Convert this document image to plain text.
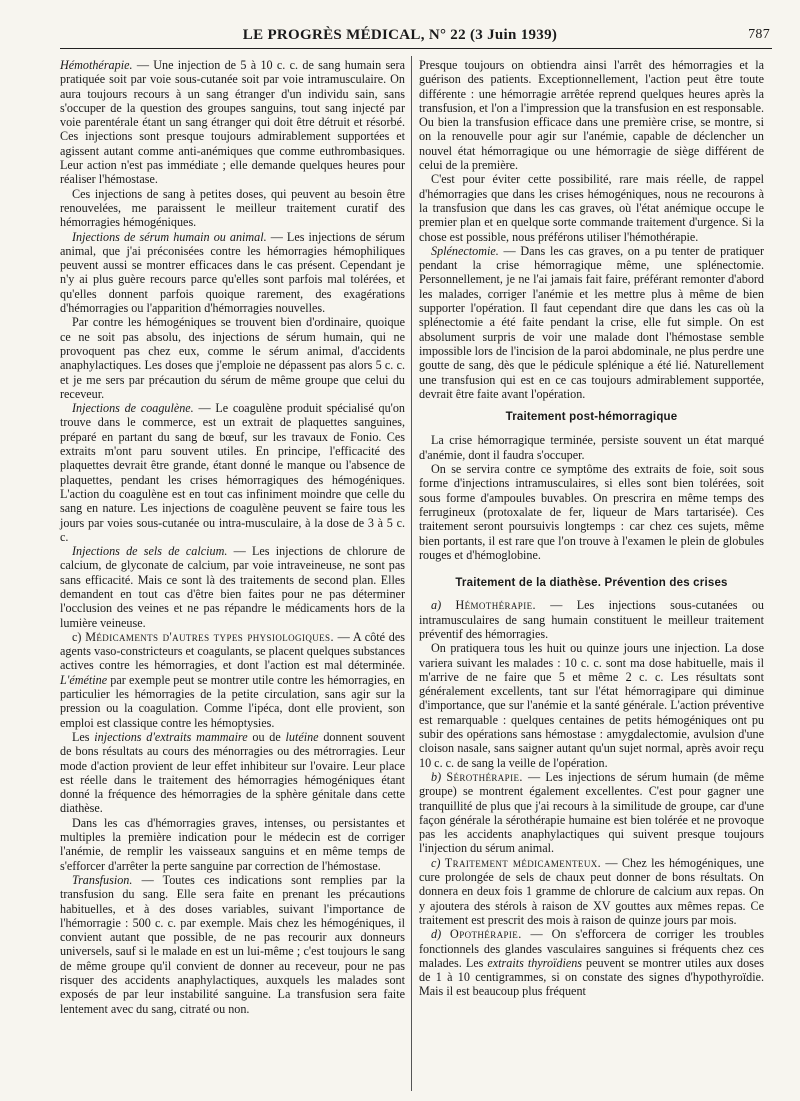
LE PROGRÈS MÉDICAL, N° 22 (3 Juin 1939)	787

Hémothérapie. — Une injection de 5 à 10 c. c. de sang humain sera pratiquée soit par voie sous-cutanée soit par voie intramusculaire. On aura toujours recours à un sang étranger d'un individu sain, sans s'occuper de la question des groupes sanguins, tout sang injecté par voie parentérale étant un sang étranger qui doit être détruit et résorbé. Ces injections sont presque toujours admirablement supportées et agissent autant comme anti-anémiques que comme euthrombasiques. Leur action n'est pas immédiate ; elle demande quelques heures pour réaliser l'hémostase.

Ces injections de sang à petites doses, qui peuvent au besoin être renouvelées, me paraissent le meilleur traitement curatif des hémorragies hémogéniques.

Injections de sérum humain ou animal. — Les injections de sérum animal, que j'ai préconisées contre les hémorragies hémophiliques peuvent aussi se montrer efficaces dans le cas présent. Cependant je n'y ai plus guère recours parce qu'elles sont parfois mal tolérées, et qu'elles donnent parfois quoique rarement, des exagérations d'hémorragies ou l'apparition d'hémorragies nouvelles.

Par contre les hémogéniques se trouvent bien d'ordinaire, quoique ce ne soit pas absolu, des injections de sérum humain, qui ne provoquent pas chez eux, comme le sérum animal, d'accidents anaphylactiques. Les doses que j'emploie ne dépassent pas alors 5 c. c. et je me sers par précaution du sérum de même groupe que celui du receveur.

Injections de coagulène. — Le coagulène produit spécialisé qu'on trouve dans le commerce, est un extrait de plaquettes sanguines, préparé en partant du sang de bœuf, sur les travaux de Fonio. Ces extraits m'ont paru souvent utiles. En principe, l'efficacité des plaquettes devrait être grande, étant donné le manque ou l'absence de plaquettes, pendant les crises hémorragiques des hémogéniques. L'action du coagulène est en tout cas infiniment moindre que celle du sang en nature. Les injections de coagulène peuvent se faire tous les jours par voies sous-cutanée ou intra-musculaire, à la dose de 3 à 5 c. c.

Injections de sels de calcium. — Les injections de chlorure de calcium, de glyconate de calcium, par voie intraveineuse, ne sont pas sans efficacité. Mais ce sont là des traitements de second plan. Elles demandent en tout cas d'être bien faites pour ne pas déterminer l'occlusion des veines et ne pas répandre le médicaments hors de la lumière veineuse.

c) Médicaments d'autres types physiologiques. — A côté des agents vaso-constricteurs et coagulants, se placent quelques substances actives contre les hémorragies, et dont l'action est mal déterminée. L'émétine par exemple peut se montrer utile contre les hémorragies, en particulier les hémorragies de la petite circulation, sans agir sur la pression ou la coagulation. Comme l'ipéca, dont elle provient, son emploi est classique contre les hémoptysies.

Les injections d'extraits mammaire ou de lutéine donnent souvent de bons résultats au cours des ménorragies ou des métrorragies. Leur mode d'action provient de leur effet inhibiteur sur l'ovaire. Leur place est réelle dans le traitement des hémorragies hémogéniques étant donné la fréquence des hémorragies de la sphère génitale dans cette diathèse.

Dans les cas d'hémorragies graves, intenses, ou persistantes et multiples la première indication pour le médecin est de corriger l'anémie, de remplir les vaisseaux sanguins et en même temps de s'efforcer d'arrêter la perte sanguine par correction de l'hémostase.

Transfusion. — Toutes ces indications sont remplies par la transfusion du sang. Elle sera faite en prenant les précautions habituelles, et à des doses variables, suivant l'importance de l'hémorragie : 500 c. c. par exemple. Mais chez les hémogéniques, il convient autant que possible, de ne pas recourir aux donneurs universels, sauf si le malade en est un lui-même ; c'est toujours le sang de même groupe qu'il convient de donner au receveur, pour ne pas risquer des accidents anaphylactiques, auxquels les malades sont exposés de par leur instabilité sanguine. La transfusion sera faite lentement avec du sang, citraté ou non.

Presque toujours on obtiendra ainsi l'arrêt des hémorragies et la guérison des patients. Exceptionnellement, l'action peut être toute différente : une hémorragie arrêtée reprend quelques heures après la transfusion, et l'on a l'impression que la transfusion en est responsable. Ou bien la transfusion efficace dans une première crise, se montre, si on la renouvelle pour agir sur l'anémie, capable de déclencher un nouvel état hémorragique ou une hémorragie de siège différent de celui de la première.

C'est pour éviter cette possibilité, rare mais réelle, de rappel d'hémorragies que dans les crises hémogéniques, nous ne recourons à la transfusion que dans les cas graves, où l'état anémique occupe le premier plan et en quelque sorte commande traitement d'urgence. Si la chose est possible, nous préférons utiliser l'hémothérapie.

Splénectomie. — Dans les cas graves, on a pu tenter de pratiquer pendant la crise hémorragique même, une splénectomie. Personnellement, je ne l'ai jamais fait faire, préférant remonter d'abord les malades, corriger l'anémie et les mettre plus à même de bien supporter l'opération. Il faut cependant dire que dans les cas où la splénectomie a été faite pendant la crise, elle fut simple. On est absolument surpris de voir une malade dont l'hémostase semble impossible lors de l'incision de la paroi abdominale, ne plus perdre une goutte de sang, dès que le pédicule splénique a été lié. Naturellement une transfusion qui est en ce cas toujours admirablement supportée, devrait être faite avant l'opération.

Traitement post-hémorragique

La crise hémorragique terminée, persiste souvent un état marqué d'anémie, dont il faudra s'occuper.

On se servira contre ce symptôme des extraits de foie, soit sous forme d'injections intramusculaires, si elles sont bien tolérées, soit sous forme d'ampoules buvables. On prescrira en même temps des ferrugineux (protoxalate de fer, liqueur de Mars tartarisée). Ces traitement seront poursuivis longtemps : car chez ces sujets, même bien portants, il est rare que l'on trouve à l'examen le plein de globules rouges et d'hémoglobine.

Traitement de la diathèse. Prévention des crises

a) Hémothérapie. — Les injections sous-cutanées ou intramusculaires de sang humain constituent le meilleur traitement préventif des hémorragies.

On pratiquera tous les huit ou quinze jours une injection. La dose variera suivant les malades : 10 c. c. sont ma dose habituelle, mais il m'arrive de ne faire que 5 et même 2 c. c. Les résultats sont généralement excellents, tant sur l'état hémorragipare qui diminue d'importance, que sur l'anémie et la santé générale. L'action préventive est remarquable : quelques centaines de petits hémogéniques ont pu subir des opérations sans hémostase : amygdalectomie, avulsion d'une cloison nasale, sans saigner autant qu'un sujet normal, après avoir reçu 10 c. c. de sang la veille de l'opération.

b) Sérothérapie. — Les injections de sérum humain (de même groupe) se montrent également excellentes. C'est pour gagner une tranquillité de plus que j'ai recours à la similitude de groupe, car d'une façon générale la sérothérapie humaine est bien tolérée et ne provoque pas les accidents anaphylactiques qui suivent presque toujours l'injection du sérum animal.

c) Traitement médicamenteux. — Chez les hémogéniques, une cure prolongée de sels de chaux peut donner de bons résultats. On donnera en deux fois 1 gramme de chlorure de calcium aux repas. On y ajoutera des stérols à raison de XV gouttes aux mêmes repas. Ce traitement est prescrit des mois à raison de quinze jours par mois.

d) Opothérapie. — On s'efforcera de corriger les troubles fonctionnels des glandes vasculaires sanguines si fréquents chez ces malades. Les extraits thyroïdiens peuvent se montrer utiles aux doses de 1 à 10 centigrammes, si on constate des signes d'hypothyroïdie. Mais il est beaucoup plus fréquent
